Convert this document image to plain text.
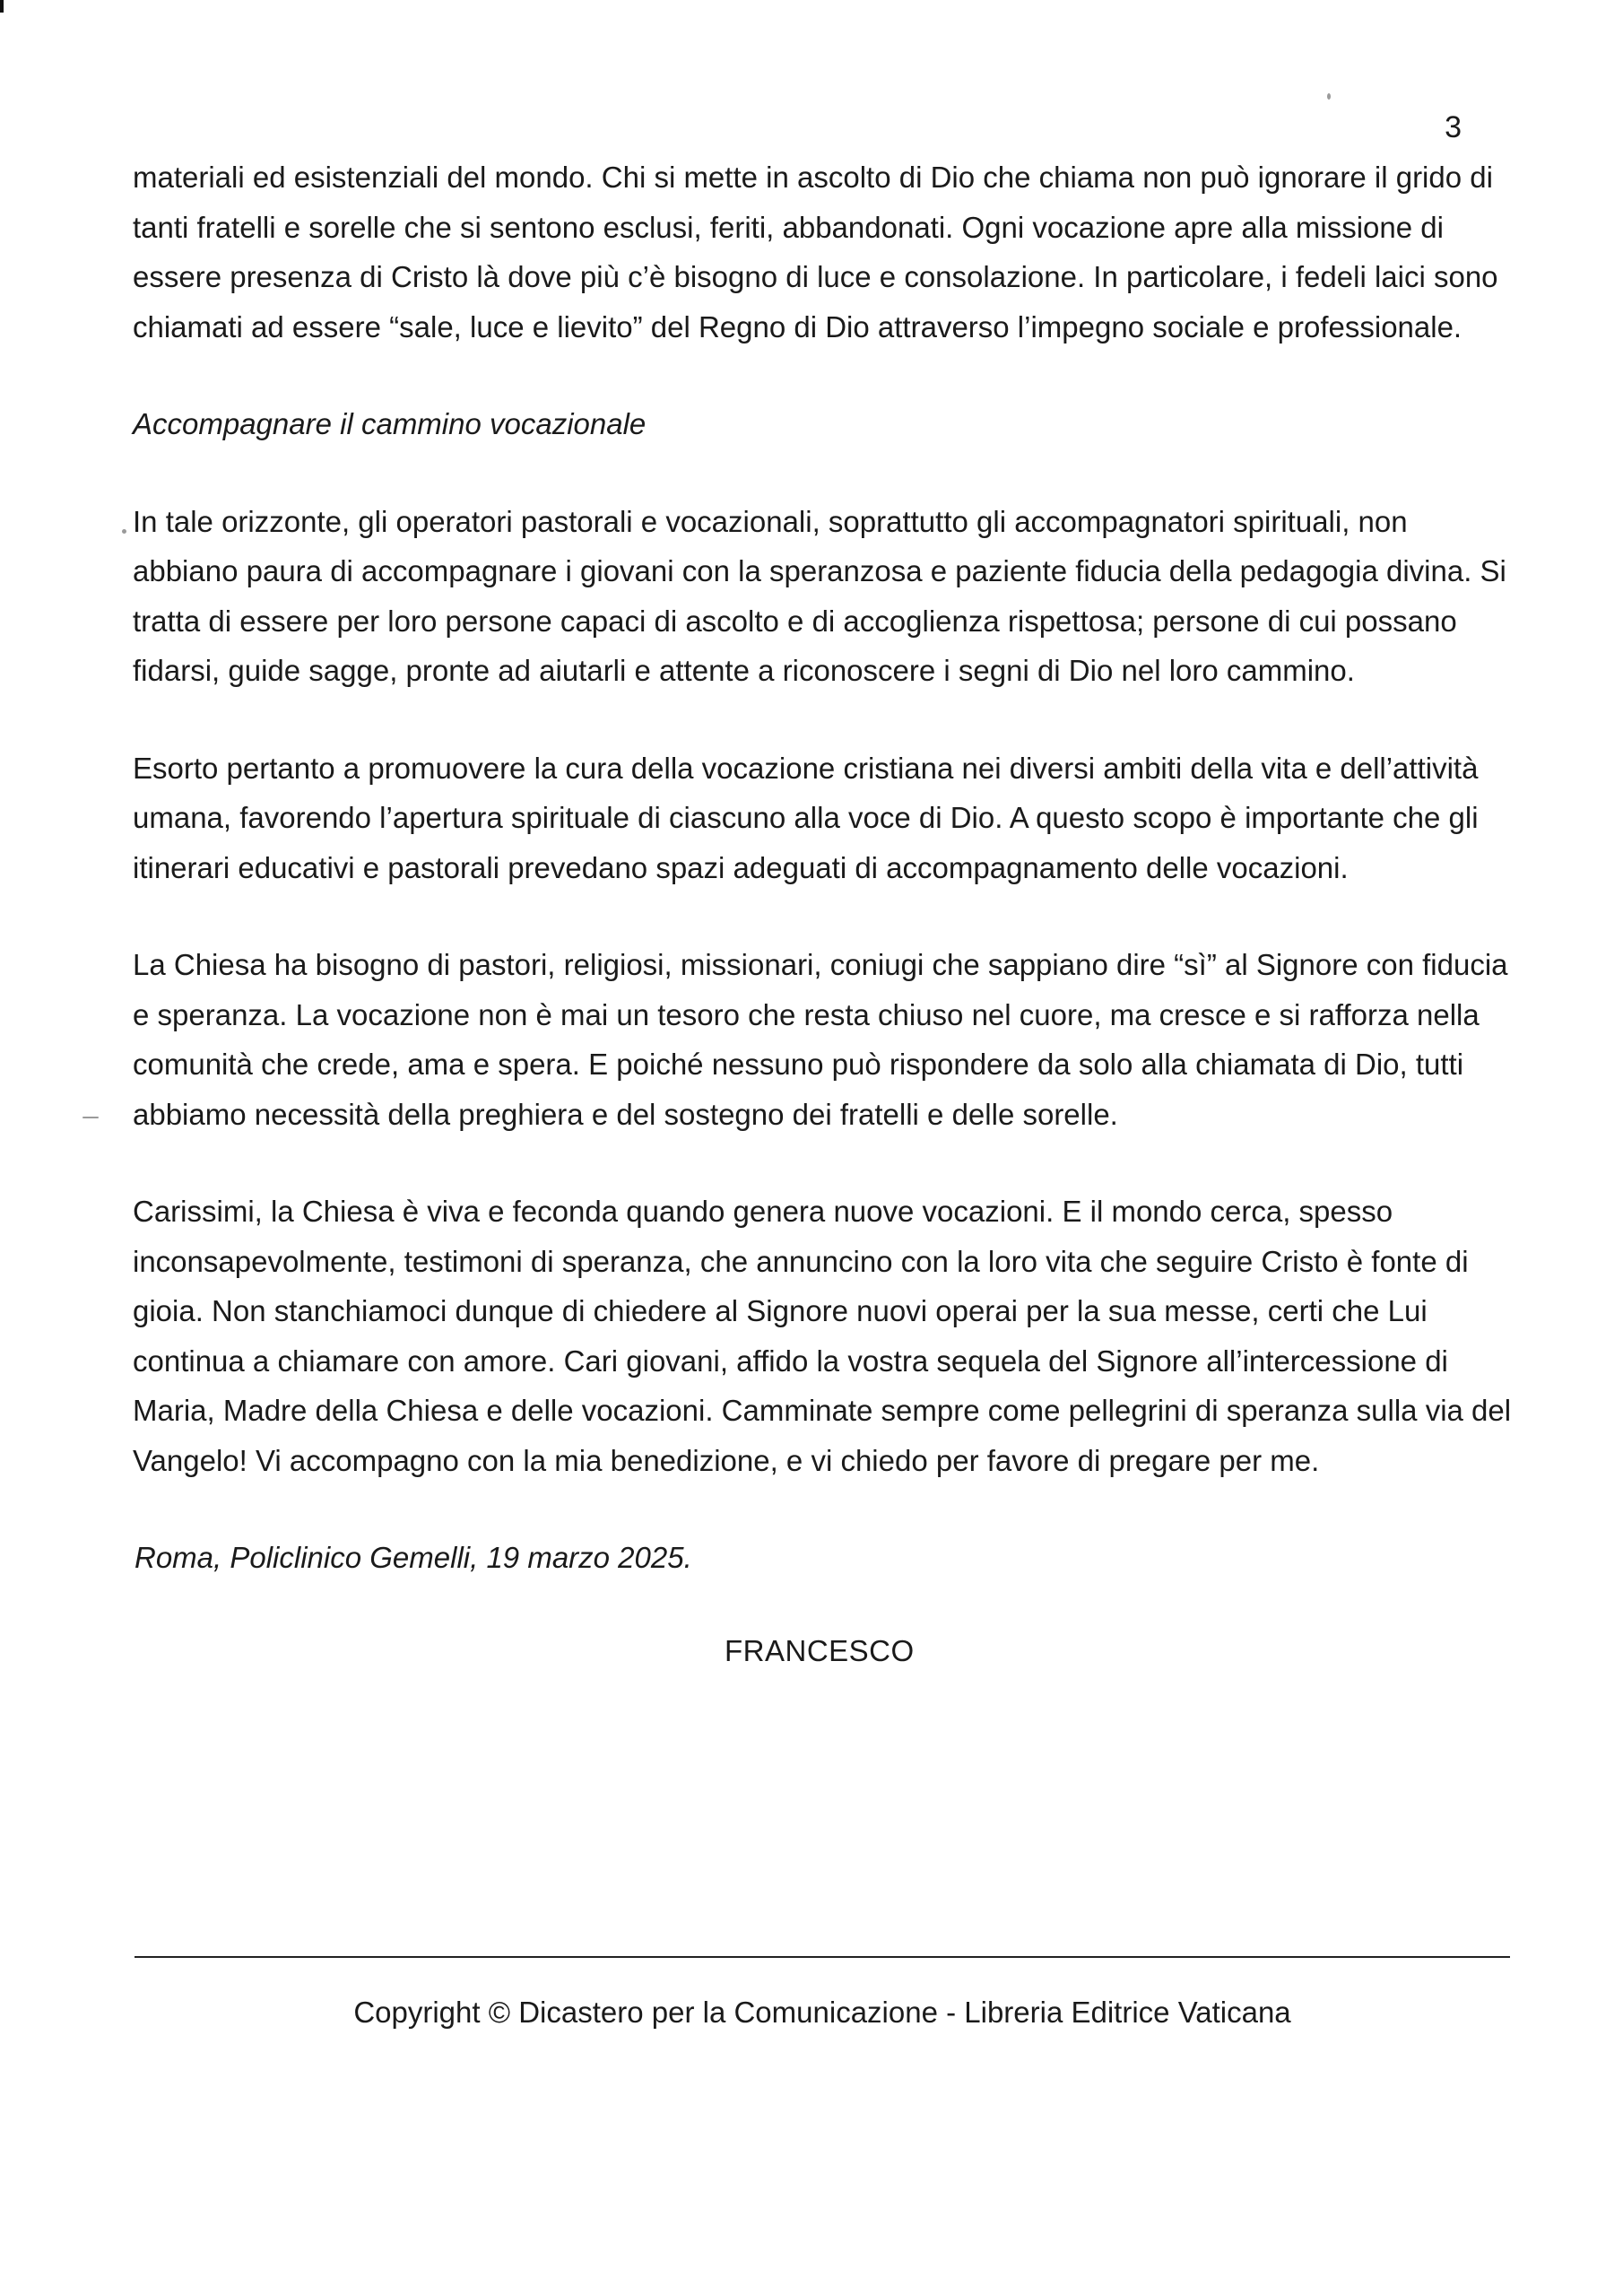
3

materiali ed esistenziali del mondo. Chi si mette in ascolto di Dio che chiama non può ignorare il grido di tanti fratelli e sorelle che si sentono esclusi, feriti, abbandonati. Ogni vocazione apre alla missione di essere presenza di Cristo là dove più c’è bisogno di luce e consolazione. In particolare, i fedeli laici sono chiamati ad essere “sale, luce e lievito” del Regno di Dio attraverso l’impegno sociale e professionale.

Accompagnare il cammino vocazionale

In tale orizzonte, gli operatori pastorali e vocazionali, soprattutto gli accompagnatori spirituali, non abbiano paura di accompagnare i giovani con la speranzosa e paziente fiducia della pedagogia divina. Si tratta di essere per loro persone capaci di ascolto e di accoglienza rispettosa; persone di cui possano fidarsi, guide sagge, pronte ad aiutarli e attente a riconoscere i segni di Dio nel loro cammino.

Esorto pertanto a promuovere la cura della vocazione cristiana nei diversi ambiti della vita e dell’attività umana, favorendo l’apertura spirituale di ciascuno alla voce di Dio. A questo scopo è importante che gli itinerari educativi e pastorali prevedano spazi adeguati di accompagnamento delle vocazioni.

La Chiesa ha bisogno di pastori, religiosi, missionari, coniugi che sappiano dire “sì” al Signore con fiducia e speranza. La vocazione non è mai un tesoro che resta chiuso nel cuore, ma cresce e si rafforza nella comunità che crede, ama e spera. E poiché nessuno può rispondere da solo alla chiamata di Dio, tutti abbiamo necessità della preghiera e del sostegno dei fratelli e delle sorelle.

Carissimi, la Chiesa è viva e feconda quando genera nuove vocazioni. E il mondo cerca, spesso inconsapevolmente, testimoni di speranza, che annuncino con la loro vita che seguire Cristo è fonte di gioia. Non stanchiamoci dunque di chiedere al Signore nuovi operai per la sua messe, certi che Lui continua a chiamare con amore. Cari giovani, affido la vostra sequela del Signore all’intercessione di Maria, Madre della Chiesa e delle vocazioni. Camminate sempre come pellegrini di speranza sulla via del Vangelo! Vi accompagno con la mia benedizione, e vi chiedo per favore di pregare per me.

Roma, Policlinico Gemelli, 19 marzo 2025.

FRANCESCO

Copyright © Dicastero per la Comunicazione - Libreria Editrice Vaticana
